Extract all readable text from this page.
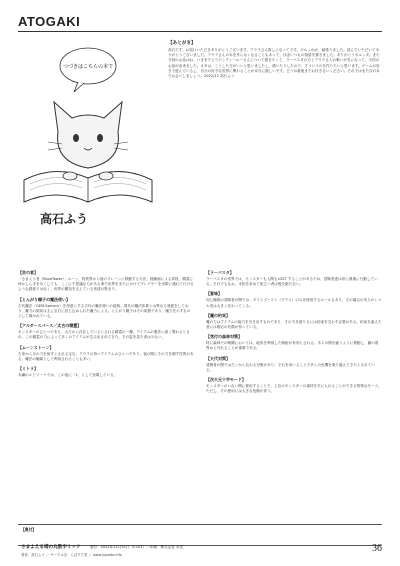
ATOGAKI
つづきはこちらの本で
高石ふう
【あとがき】
高石です。お届けいただきありがとうございます。アウラさん推しになってです。ボルッかが、頑張りました。読んでいただいてありがとうございました。アウラさんの本を作らなくなることもあって、ほぼいつもの物語を書きました。ありがとうポルッタ。また今回のお話はね、いままでよりゲンティールーさんについて描きたくて、ラーバスタの方とアウラさんの戦いが気になって、今回のお話が出来ました。ネタは、こうした方がいいと思いましたし、描いたりしたので、そういうのを作りたいと思います。ゲームが好きで遊んでいるし、自分の好きな世界に関わることが本当に嬉しいです。どうか最後までお付き合いください。それではまた次の本でお会いしましょう。2022/12 高石ふう
【世の者】
「さまよう者（RoveTower）」ルーン、物質界から他のプレーンに移動する方法。経験値による昇段、精霊に何かしら手を尽くしても、ここに不思議な力がある事で世界をまたにかけてプレイヤーを実際に連れて行けるような感覚ではなく、世界の構造を支えている者達の集まり。
【とんがり帽子の魔法使い】
古代魔法（GEM-Sorcery）を得意とする古代の魔法使いの総称。現代の魔法体系とは異なる発展をしており、魔力の源泉は主に宝石に封じ込められた魔力による。とんがり帽子はその象徴であり、魔力を示すものとして描かれている。
【アルダースパース／太古の精霊】
モンスターのひとつであり、太古から存在しているとされる精霊の一種。アイテムの製作に深く関わるとされ、この精霊の力によって多くのアイテムが生み出されてきた。その姿を見た者は少ない。
【ムーンストーン】
古来から月の力を宿すとされる宝石。アウラの持つアイテムのひとつであり、夜の間にその力を増す性質がある。魔法の触媒として利用されることも多い。
【ミトラ】
本編のエピソードでは、この他に「1」として登場している。
【ラーバスタ】
ラーバスタの世界では、モンスターも人間もLOST することがあるため、冒険者達は常に慎重に行動している。それでもなお、未知を求めて旅立つ者は後を絶たない。
【意味】
同じ種族の冒険者の間では、ダイスブースト（プラス）のみを使用するルールもあり、その場合の実力のレベル差は大きく変わってくる。
【魔の約束】
魔の力はアイテムの能力を引き出すものであり、その力を借りるには約束を交わす必要がある。約束を違えた者には相応の代償が待っている。
【気付の森林対策】
特に森林での戦闘においては、地形を利用した戦術が有効とされる。木々の間を縫うように移動し、敵の視界から外れることが重要である。
【大代対策】
冒険者の間では古くから伝わる対策があり、それを用いることで多くの危機を乗り越えてきたとされている。
【次大元十字モード】
モンスターのいない間に使用することで、上位のモンスターの素材を手に入れることができる特殊なモード。ただし、その使用には大きな危険が伴う。
【奥付】
さまよえる塔の丸数字ミック	発行：2022年12月31日（C101）／印刷：株式会社 栄光
著者：高石ふう ／ サークル名：らぽすた堂 ／ www.lyposta.info
36
